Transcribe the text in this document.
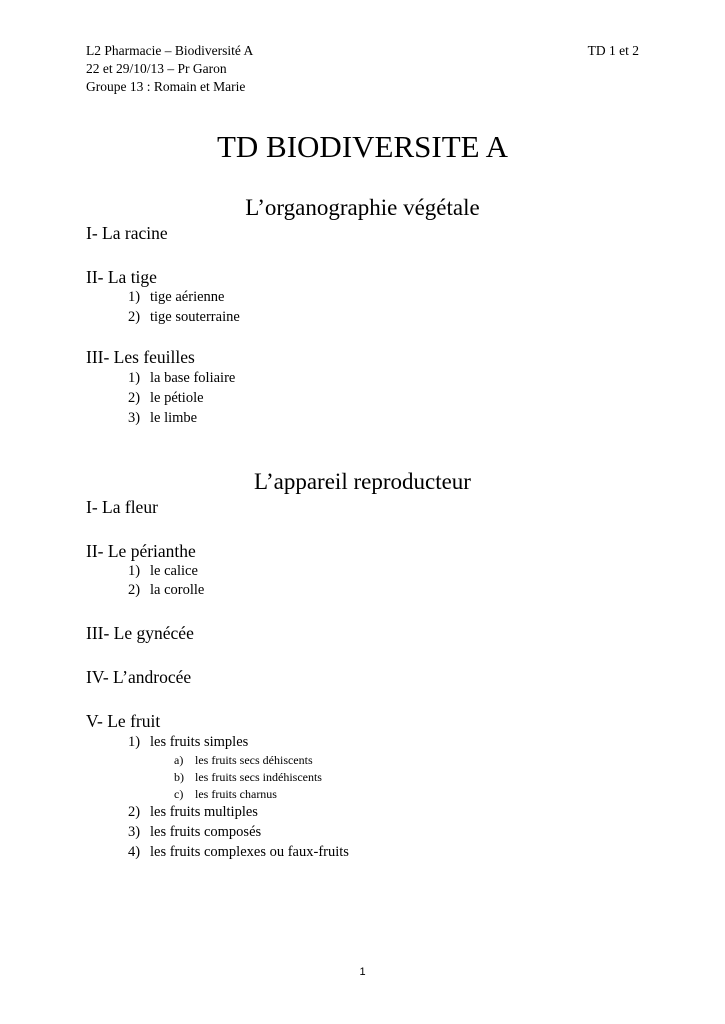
L2 Pharmacie – Biodiversité A	TD 1 et 2
22 et 29/10/13 – Pr Garon
Groupe 13 : Romain et Marie
TD BIODIVERSITE A
L’organographie végétale
I- La racine
II- La tige
1) tige aérienne
2) tige souterraine
III- Les feuilles
1) la base foliaire
2) le pétiole
3) le limbe
L’appareil reproducteur
I- La fleur
II- Le périanthe
1) le calice
2) la corolle
III- Le gynécée
IV- L’androcée
V- Le fruit
1) les fruits simples
a) les fruits secs déhiscents
b) les fruits secs indéhiscents
c) les fruits charnus
2) les fruits multiples
3) les fruits composés
4) les fruits complexes ou faux-fruits
1
